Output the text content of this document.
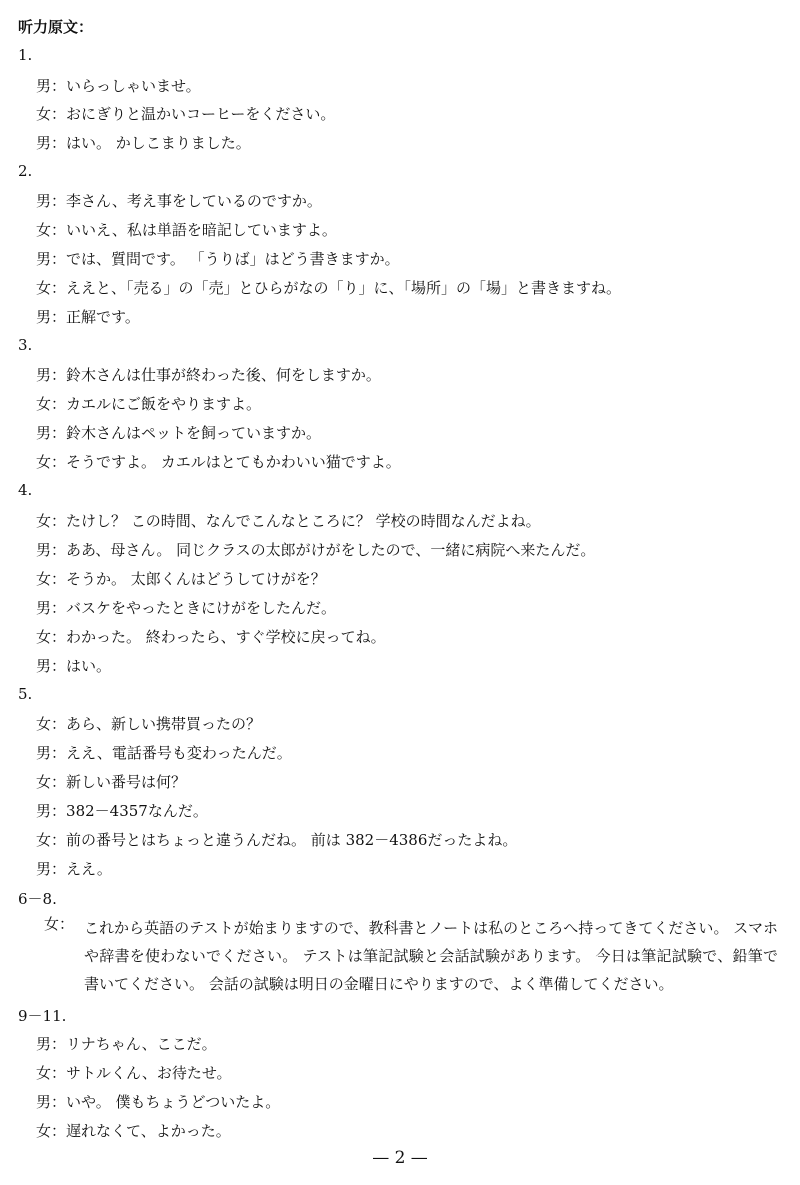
听力原文：
1.
男：いらっしゃいませ。
女：おにぎりと温かいコーヒーをください。
男：はい。 かしこまりました。
2.
男：李さん、考え事をしているのですか。
女：いいえ、私は単語を暗記していますよ。
男：では、質問です。 「うりば」はどう書きますか。
女：ええと、「売る」の「売」とひらがなの「り」に、「場所」の「場」と書きますね。
男：正解です。
3.
男：鈴木さんは仕事が終わった後、何をしますか。
女：カエルにご飯をやりますよ。
男：鈴木さんはペットを飼っていますか。
女：そうですよ。 カエルはとてもかわいい猫ですよ。
4.
女：たけし？ この時間、なんでこんなところに？ 学校の時間なんだよね。
男：ああ、母さん。 同じクラスの太郎がけがをしたので、一緒に病院へ来たんだ。
女：そうか。 太郎くんはどうしてけがを？
男：バスケをやったときにけがをしたんだ。
女：わかった。 終わったら、すぐ学校に戻ってね。
男：はい。
5.
女：あら、新しい携帯買ったの？
男：ええ、電話番号も変わったんだ。
女：新しい番号は何？
男：382－4357なんだ。
女：前の番号とはちょっと違うんだね。 前は 382－4386だったよね。
男：ええ。
6－8.
女： これから英語のテストが始まりますので、教科書とノートは私のところへ持ってきてください。 スマホや辞書を使わないでください。 テストは筆記試験と会話試験があります。 今日は筆記試験で、鉛筆で書いてください。 会話の試験は明日の金曜日にやりますので、よく準備してください。
9－11.
男：リナちゃん、ここだ。
女：サトルくん、お待たせ。
男：いや。 僕もちょうどついたよ。
女：遅れなくて、よかった。
— 2 —
